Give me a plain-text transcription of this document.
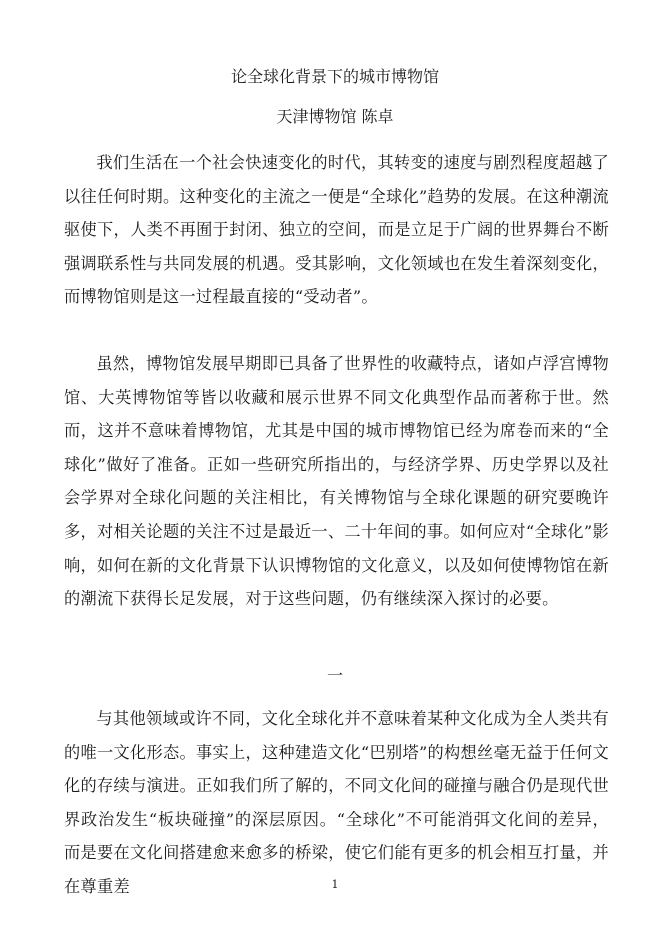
论全球化背景下的城市博物馆
天津博物馆 陈卓

我们生活在一个社会快速变化的时代，其转变的速度与剧烈程度超越了以往任何时期。这种变化的主流之一便是“全球化”趋势的发展。在这种潮流驱使下，人类不再囿于封闭、独立的空间，而是立足于广阔的世界舞台不断强调联系性与共同发展的机遇。受其影响，文化领域也在发生着深刻变化，而博物馆则是这一过程最直接的“受动者”。

虽然，博物馆发展早期即已具备了世界性的收藏特点，诸如卢浮宫博物馆、大英博物馆等皆以收藏和展示世界不同文化典型作品而著称于世。然而，这并不意味着博物馆，尤其是中国的城市博物馆已经为席卷而来的“全球化”做好了准备。正如一些研究所指出的，与经济学界、历史学界以及社会学界对全球化问题的关注相比，有关博物馆与全球化课题的研究要晚许多，对相关论题的关注不过是最近一、二十年间的事。如何应对“全球化”影响，如何在新的文化背景下认识博物馆的文化意义，以及如何使博物馆在新的潮流下获得长足发展，对于这些问题，仍有继续深入探讨的必要。

一

与其他领域或许不同，文化全球化并不意味着某种文化成为全人类共有的唯一文化形态。事实上，这种建造文化“巴别塔”的构想丝毫无益于任何文化的存续与演进。正如我们所了解的，不同文化间的碰撞与融合仍是现代世界政治发生“板块碰撞”的深层原因。“全球化”不可能消弭文化间的差异，而是要在文化间搭建愈来愈多的桥梁，使它们能有更多的机会相互打量，并在尊重差	1
